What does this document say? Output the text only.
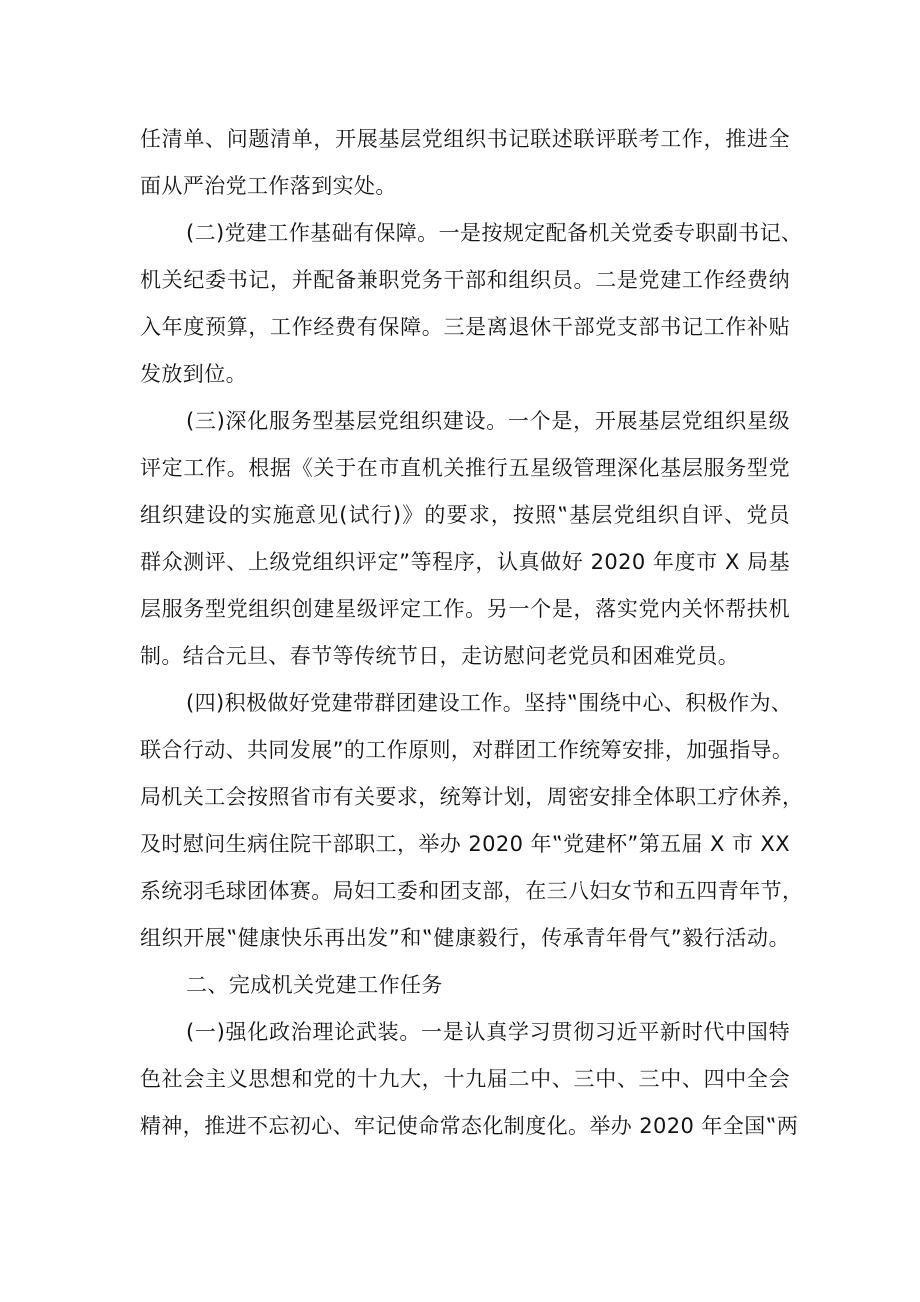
任清单、问题清单，开展基层党组织书记联述联评联考工作，推进全
面从严治党工作落到实处。
(二)党建工作基础有保障。一是按规定配备机关党委专职副书记、
机关纪委书记，并配备兼职党务干部和组织员。二是党建工作经费纳
入年度预算，工作经费有保障。三是离退休干部党支部书记工作补贴
发放到位。
(三)深化服务型基层党组织建设。一个是，开展基层党组织星级
评定工作。根据《关于在市直机关推行五星级管理深化基层服务型党
组织建设的实施意见(试行)》的要求，按照‟基层党组织自评、党员
群众测评、上级党组织评定”等程序，认真做好 2020 年度市 X 局基
层服务型党组织创建星级评定工作。另一个是，落实党内关怀帮扶机
制。结合元旦、春节等传统节日，走访慰问老党员和困难党员。
(四)积极做好党建带群团建设工作。坚持‟围绕中心、积极作为、
联合行动、共同发展”的工作原则，对群团工作统筹安排，加强指导。
局机关工会按照省市有关要求，统筹计划，周密安排全体职工疗休养，
及时慰问生病住院干部职工，举办 2020 年‟党建杯”第五届 X 市 XX
系统羽毛球团体赛。局妇工委和团支部，在三八妇女节和五四青年节，
组织开展‟健康快乐再出发”和‟健康毅行，传承青年骨气”毅行活动。
二、完成机关党建工作任务
(一)强化政治理论武装。一是认真学习贯彻习近平新时代中国特
色社会主义思想和党的十九大，十九届二中、三中、三中、四中全会
精神，推进不忘初心、牢记使命常态化制度化。举办 2020 年全国‟两
